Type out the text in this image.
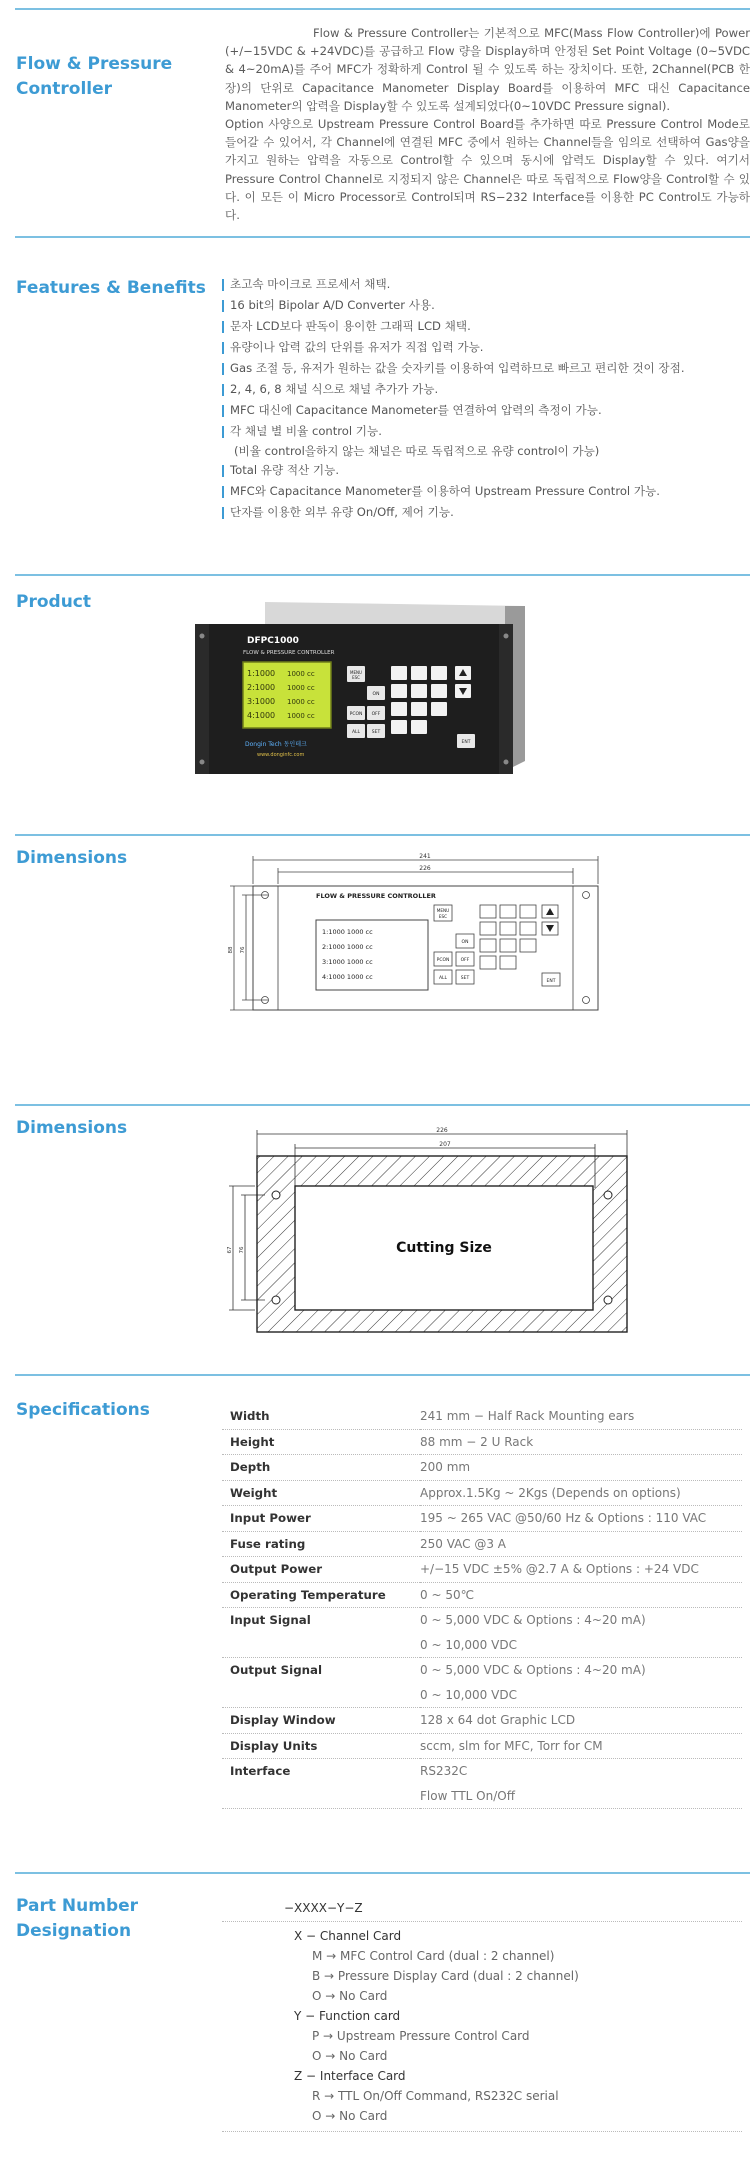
Flow & Pressure
Controller

Flow & Pressure Controller는 기본적으로 MFC(Mass Flow Controller)에 Power (+/−15VDC & +24VDC)를 공급하고 Flow 량을 Display하며 안정된 Set Point Voltage (0~5VDC & 4~20mA)를 주어 MFC가 정확하게 Control 될 수 있도록 하는 장치이다. 또한, 2Channel(PCB 한 장)의 단위로 Capacitance Manometer Display Board를 이용하여 MFC 대신 Capacitance Manometer의 압력을 Display할 수 있도록 설계되었다(0~10VDC Pressure signal).

Option 사양으로 Upstream Pressure Control Board를 추가하면 따로 Pressure Control Mode로 들어갈 수 있어서, 각 Channel에 연결된 MFC 중에서 원하는 Channel들을 임의로 선택하여 Gas양을 가지고 원하는 압력을 자동으로 Control할 수 있으며 동시에 압력도 Display할 수 있다. 여기서 Pressure Control Channel로 지정되지 않은 Channel은 따로 독립적으로 Flow양을 Control할 수 있다. 이 모든 이 Micro Processor로 Control되며 RS−232 Interface를 이용한 PC Control도 가능하다.

Features & Benefits	초고속 마이크로 프로세서 채택.
16 bit의 Bipolar A/D Converter 사용.
문자 LCD보다 판독이 용이한 그래픽 LCD 채택.
유량이나 압력 값의 단위를 유저가 직접 입력 가능.
Gas 조절 등, 유저가 원하는 값을 숫자키를 이용하여 입력하므로 빠르고 편리한 것이 장점.
2, 4, 6, 8 채널 식으로 채널 추가가 가능.
MFC 대신에 Capacitance Manometer를 연결하여 압력의 측정이 가능.
각 채널 별 비율 control 기능.
(비율 control을하지 않는 채널은 따로 독립적으로 유량 control이 가능)
Total 유량 적산 기능.
MFC와 Capacitance Manometer를 이용하여 Upstream Pressure Control 가능.
단자를 이용한 외부 유량 On/Off, 제어 기능.
Product
DFPC1000
FLOW & PRESSURE CONTROLLER
1:1000
2:1000
3:1000
4:1000
1000 cc
1000 cc
1000 cc
1000 cc
Dongin Tech 동인테크
www.donginfc.com
MENU
ESC
ON
PCON OFF
ALL	SET
ENT
Dimensions	241
226
88 76
FLOW & PRESSURE CONTROLLER
1:1000 1000 cc
2:1000 1000 cc
3:1000 1000 cc
4:1000 1000 cc
MENU
ESC
ON
PCON	OFF
ALL	SET
ENT
Dimensions	226
207
67 76	Cutting Size
Specifications	Width	241 mm − Half Rack Mounting ears
Height	88 mm − 2 U Rack
Depth	200 mm
Weight	Approx.1.5Kg ~ 2Kgs (Depends on options)
Input Power	195 ~ 265 VAC @50/60 Hz & Options : 110 VAC
Fuse rating	250 VAC @3 A
Output Power	+/−15 VDC ±5% @2.7 A & Options : +24 VDC
Operating Temperature	0 ~ 50℃
Input Signal	0 ~ 5,000 VDC & Options : 4~20 mA)
0 ~ 10,000 VDC

Output Signal	0 ~ 5,000 VDC & Options : 4~20 mA)
0 ~ 10,000 VDC

Display Window	128 x 64 dot Graphic LCD
Display Units	sccm, slm for MFC, Torr for CM
Interface	RS232C
Flow TTL On/Off
Part Number
Designation
−XXXX−Y−Z
X − Channel Card
M → MFC Control Card (dual : 2 channel)
B → Pressure Display Card (dual : 2 channel)
O → No Card
Y − Function card
P → Upstream Pressure Control Card
O → No Card
Z − Interface Card
R → TTL On/Off Command, RS232C serial
O → No Card
